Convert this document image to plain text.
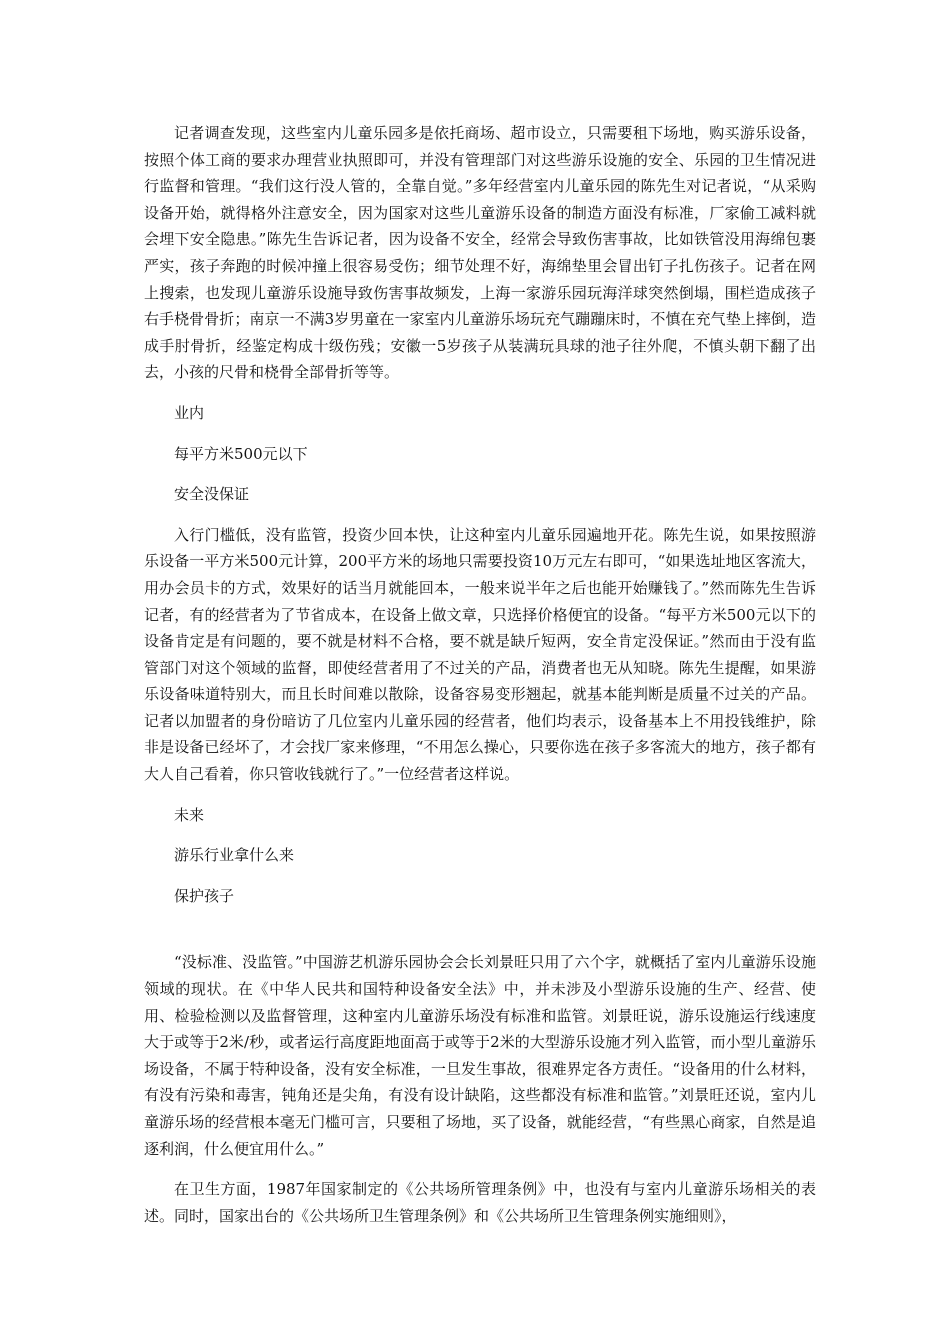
记者调查发现，这些室内儿童乐园多是依托商场、超市设立，只需要租下场地，购买游乐设备，按照个体工商的要求办理营业执照即可，并没有管理部门对这些游乐设施的安全、乐园的卫生情况进行监督和管理。“我们这行没人管的，全靠自觉。”多年经营室内儿童乐园的陈先生对记者说，“从采购设备开始，就得格外注意安全，因为国家对这些儿童游乐设备的制造方面没有标准，厂家偷工减料就会埋下安全隐患。”陈先生告诉记者，因为设备不安全，经常会导致伤害事故，比如铁管没用海绵包裹严实，孩子奔跑的时候冲撞上很容易受伤；细节处理不好，海绵垫里会冒出钉子扎伤孩子。记者在网上搜索，也发现儿童游乐设施导致伤害事故频发，上海一家游乐园玩海洋球突然倒塌，围栏造成孩子右手桡骨骨折；南京一不满3岁男童在一家室内儿童游乐场玩充气蹦蹦床时，不慎在充气垫上摔倒，造成手肘骨折，经鉴定构成十级伤残；安徽一5岁孩子从装满玩具球的池子往外爬，不慎头朝下翻了出去，小孩的尺骨和桡骨全部骨折等等。

业内

每平方米500元以下

安全没保证

入行门槛低，没有监管，投资少回本快，让这种室内儿童乐园遍地开花。陈先生说，如果按照游乐设备一平方米500元计算，200平方米的场地只需要投资10万元左右即可，“如果选址地区客流大，用办会员卡的方式，效果好的话当月就能回本，一般来说半年之后也能开始赚钱了。”然而陈先生告诉记者，有的经营者为了节省成本，在设备上做文章，只选择价格便宜的设备。“每平方米500元以下的设备肯定是有问题的，要不就是材料不合格，要不就是缺斤短两，安全肯定没保证。”然而由于没有监管部门对这个领域的监督，即使经营者用了不过关的产品，消费者也无从知晓。陈先生提醒，如果游乐设备味道特别大，而且长时间难以散除，设备容易变形翘起，就基本能判断是质量不过关的产品。记者以加盟者的身份暗访了几位室内儿童乐园的经营者，他们均表示，设备基本上不用投钱维护，除非是设备已经坏了，才会找厂家来修理，“不用怎么操心，只要你选在孩子多客流大的地方，孩子都有大人自己看着，你只管收钱就行了。”一位经营者这样说。

未来

游乐行业拿什么来

保护孩子

“没标准、没监管。”中国游艺机游乐园协会会长刘景旺只用了六个字，就概括了室内儿童游乐设施领域的现状。在《中华人民共和国特种设备安全法》中，并未涉及小型游乐设施的生产、经营、使用、检验检测以及监督管理，这种室内儿童游乐场没有标准和监管。刘景旺说，游乐设施运行线速度大于或等于2米/秒，或者运行高度距地面高于或等于2米的大型游乐设施才列入监管，而小型儿童游乐场设备，不属于特种设备，没有安全标准，一旦发生事故，很难界定各方责任。“设备用的什么材料，有没有污染和毒害，钝角还是尖角，有没有设计缺陷，这些都没有标准和监管。”刘景旺还说，室内儿童游乐场的经营根本毫无门槛可言，只要租了场地，买了设备，就能经营，“有些黑心商家，自然是追逐利润，什么便宜用什么。”

在卫生方面，1987年国家制定的《公共场所管理条例》中，也没有与室内儿童游乐场相关的表述。同时，国家出台的《公共场所卫生管理条例》和《公共场所卫生管理条例实施细则》，
